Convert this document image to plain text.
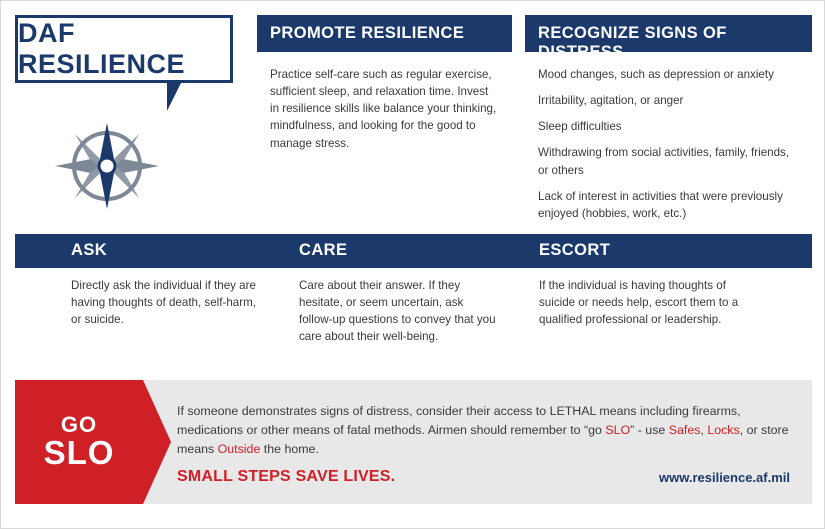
DAF RESILIENCE
PROMOTE RESILIENCE

Practice self-care such as regular exercise, sufficient sleep, and relaxation time. Invest in resilience skills like balance your thinking, mindfulness, and looking for the good to manage stress.

RECOGNIZE SIGNS OF DISTRESS

Mood changes, such as depression or anxiety

Irritability, agitation, or anger

Sleep difficulties

Withdrawing from social activities, family, friends, or others

Lack of interest in activities that were previously enjoyed (hobbies, work, etc.)

ASK	CARE	ESCORT
Directly ask the individual if they are having thoughts of death, self-harm, or suicide.
Care about their answer. If they hesitate, or seem uncertain, ask follow-up questions to convey that you care about their well-being.
If the individual is having thoughts of suicide or needs help, escort them to a qualified professional or leadership.
GO
SLO
If someone demonstrates signs of distress, consider their access to LETHAL means including firearms, medications or other means of fatal methods. Airmen should remember to “go SLO” - use Safes, Locks, or store means Outside the home.
SMALL STEPS SAVE LIVES.	www.resilience.af.mil
